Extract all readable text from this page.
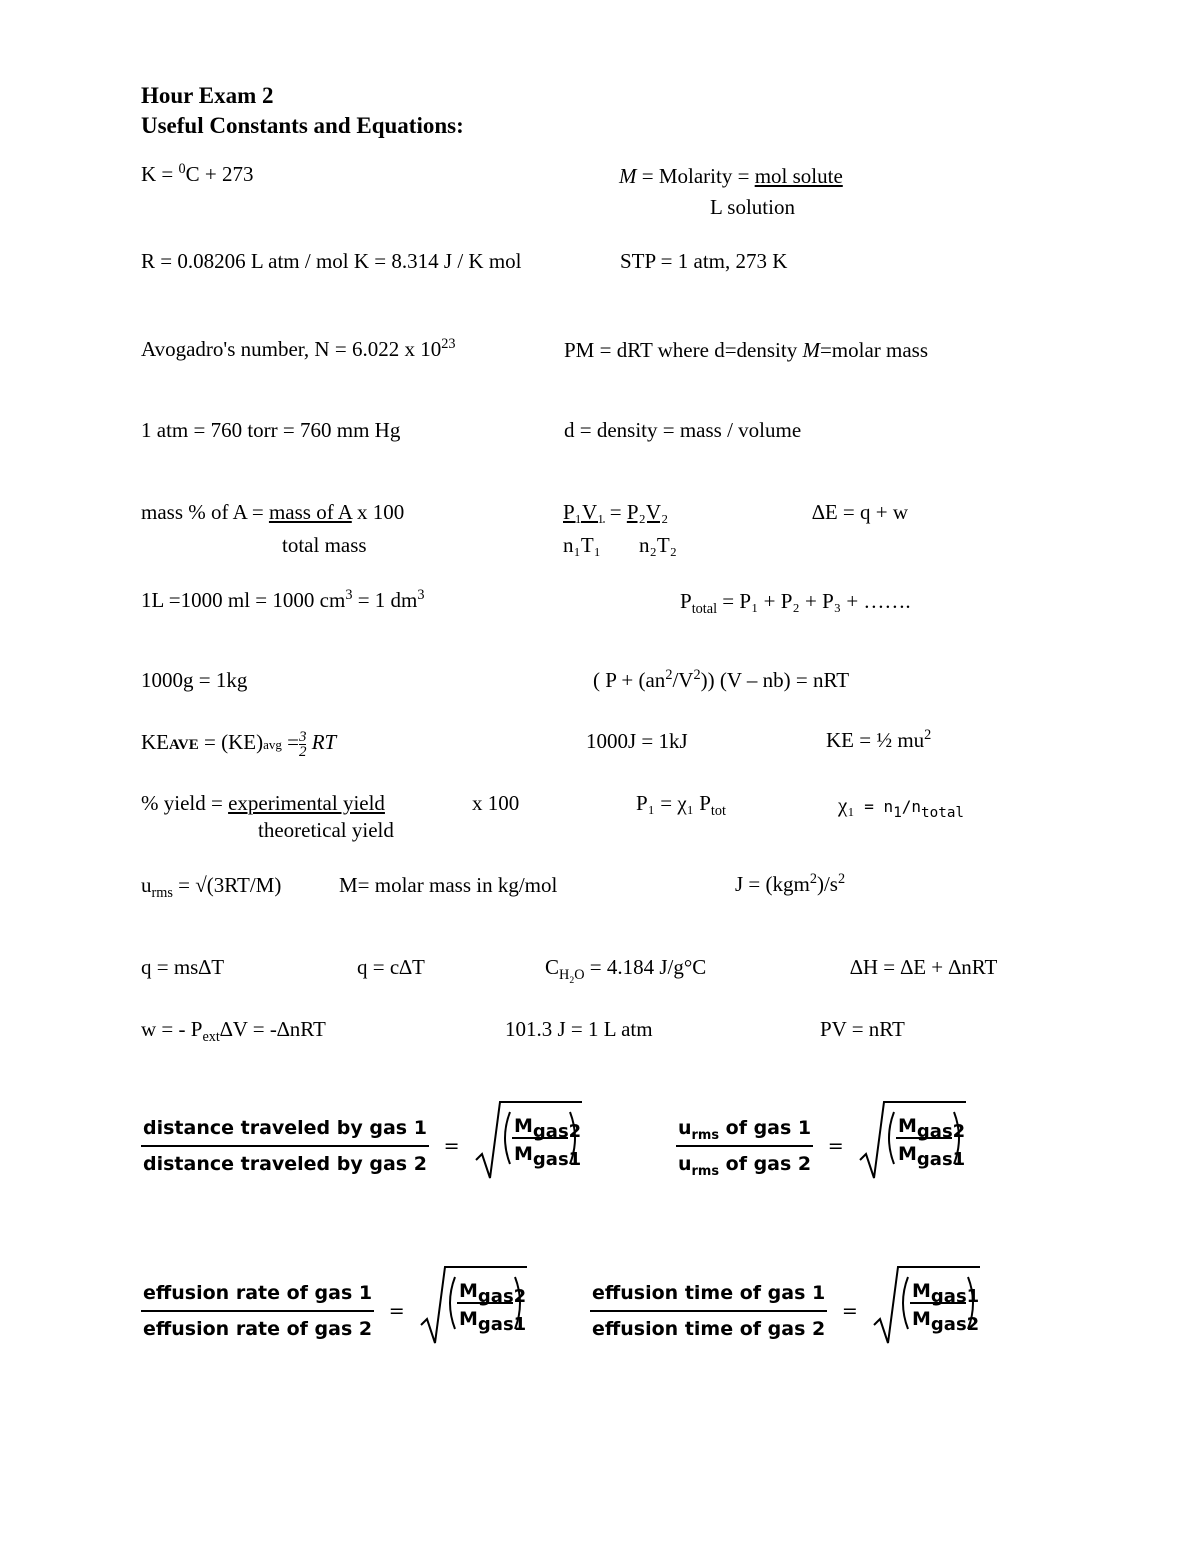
Hour Exam 2
Useful Constants and Equations:
K = $^0$C + 273	M = Molarity = mol solute
L solution
R = 0.08206 L atm / mol K = 8.314 J / K mol	STP = 1 atm, 273 K
Avogadro's number, N = 6.022 x $10^{23}$	PM = dRT where d=density M=molar mass
1 atm = 760 torr = 760 mm Hg	d = density = mass / volume
mass % of A = mass of A x 100
total mass
P₁V₁ = P₂V₂
n₁T₁ n₂T₂
∆E = q + w
1L =1000 ml = 1000 $cm^3 = 1$ $dm^3$	$P_{total} = P_1 + P_2 + P_3$ + …….
1000g = 1kg	( $P + (an^2/V^2)$) (V – nb) = nRT
KEAVE = $(KE)avg = \frac{3}{2}$ RT	1000J = 1kJ	KE = ½ $mu^2$
% yield = experimental yield	x 100
theoretical yield
P₁ = χ₁ $P_{tot}$	$\chi_1 = n_1/n_{total}$
$u_{rms} = √(3RT/M)$	M= molar mass in kg/mol	$J = (kgm^2)/s^2$
q = ms∆T	q = c∆T	$C_{H_2O} = 4.184$ J/g°C	∆H = ∆E + ∆nRT
w = - $P_{ext}\Delta V = -\Delta nRT$	101.3 J = 1 L atm	PV = nRT
$\frac{\text{distance traveled by gas 1}}{\text{distance traveled by gas 2}}$ =
Mgas2
Mgas1	$\frac{u_{rms} of gas 1}{u_{rms} of gas 2}$ =
Mgas2
Mgas1
$\frac{\text{effusion rate of gas 1}}{\text{effusion rate of gas 2}}$ =
Mgas2
Mgas1	$\frac{\text{effusion time of gas 1}}{\text{effusion time of gas 2}}$ =
Mgas1
Mgas2
